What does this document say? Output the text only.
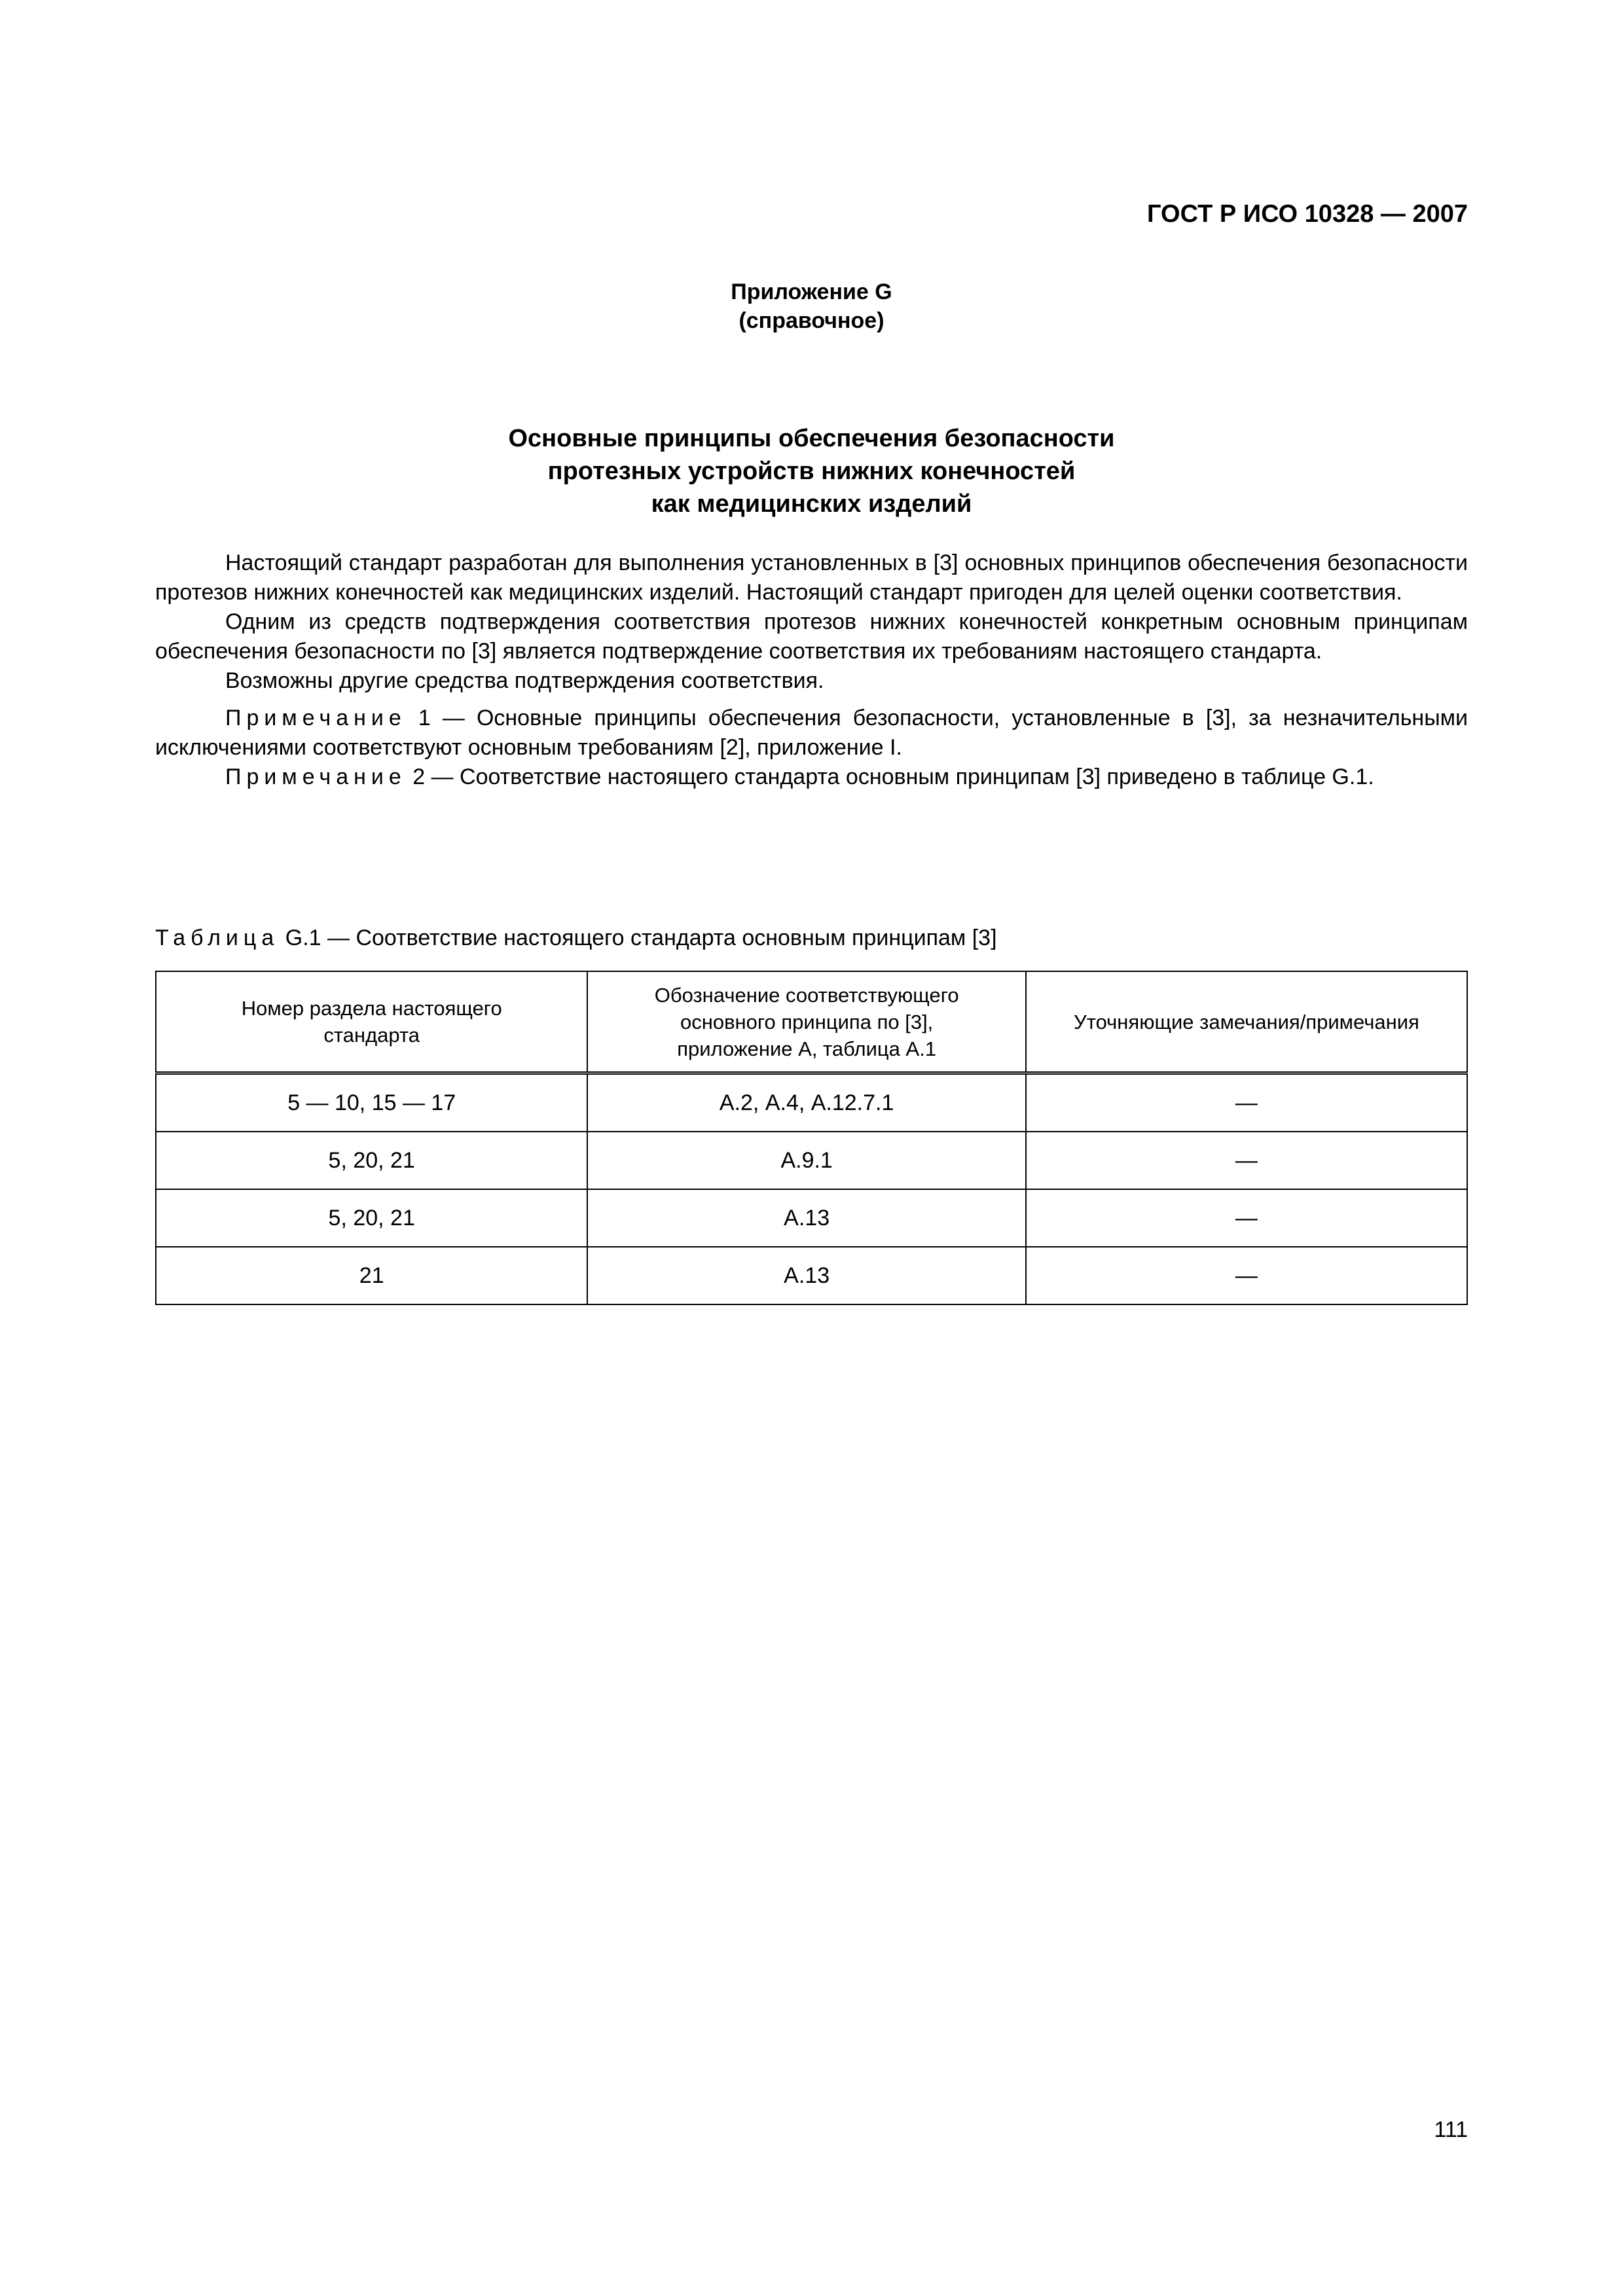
ГОСТ Р ИСО 10328 — 2007
Приложение G
(справочное)
Основные принципы обеспечения безопасности
протезных устройств нижних конечностей
как медицинских изделий

Настоящий стандарт разработан для выполнения установленных в [3] основных принципов обеспечения безопасности протезов нижних конечностей как медицинских изделий. Настоящий стандарт пригоден для целей оценки соответствия.

Одним из средств подтверждения соответствия протезов нижних конечностей конкретным основным принципам обеспечения безопасности по [3] является подтверждение соответствия их требованиям настоящего стандарта.

Возможны другие средства подтверждения соответствия.

Примечание 1 — Основные принципы обеспечения безопасности, установленные в [3], за незначительными исключениями соответствуют основным требованиям [2], приложение I.

Примечание 2 — Соответствие настоящего стандарта основным принципам [3] приведено в таблице G.1.

Таблица G.1 — Соответствие настоящего стандарта основным принципам [3]
Номер раздела настоящего стандарта	Обозначение соответствующего основного принципа по [3], приложение А, таблица А.1	Уточняющие замечания/примечания
5 — 10, 15 — 17	А.2, А.4, А.12.7.1	—
5, 20, 21	А.9.1	—
5, 20, 21	А.13	—
21	А.13	—
111
